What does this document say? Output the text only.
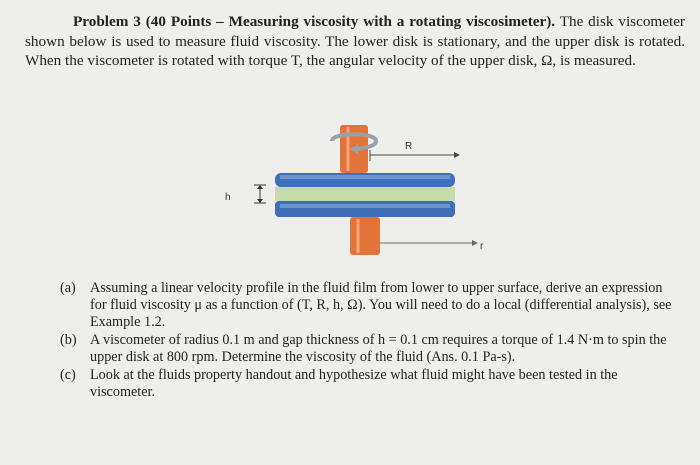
Problem 3 (40 Points – Measuring viscosity with a rotating viscosimeter). The disk viscometer shown below is used to measure fluid viscosity. The lower disk is stationary, and the upper disk is rotated. When the viscometer is rotated with torque T, the angular velocity of the upper disk, Ω, is measured.
R
r
h
(a)	Assuming a linear velocity profile in the fluid film from lower to upper surface, derive an expression for fluid viscosity μ as a function of (T, R, h, Ω). You will need to do a local (differential analysis), see Example 1.2.
(b) A viscometer of radius 0.1 m and gap thickness of h = 0.1 cm requires a torque of 1.4 N·m to spin the upper disk at 800 rpm. Determine the viscosity of the fluid (Ans. 0.1 Pa-s).
(c)	Look at the fluids property handout and hypothesize what fluid might have been tested in the viscometer.
